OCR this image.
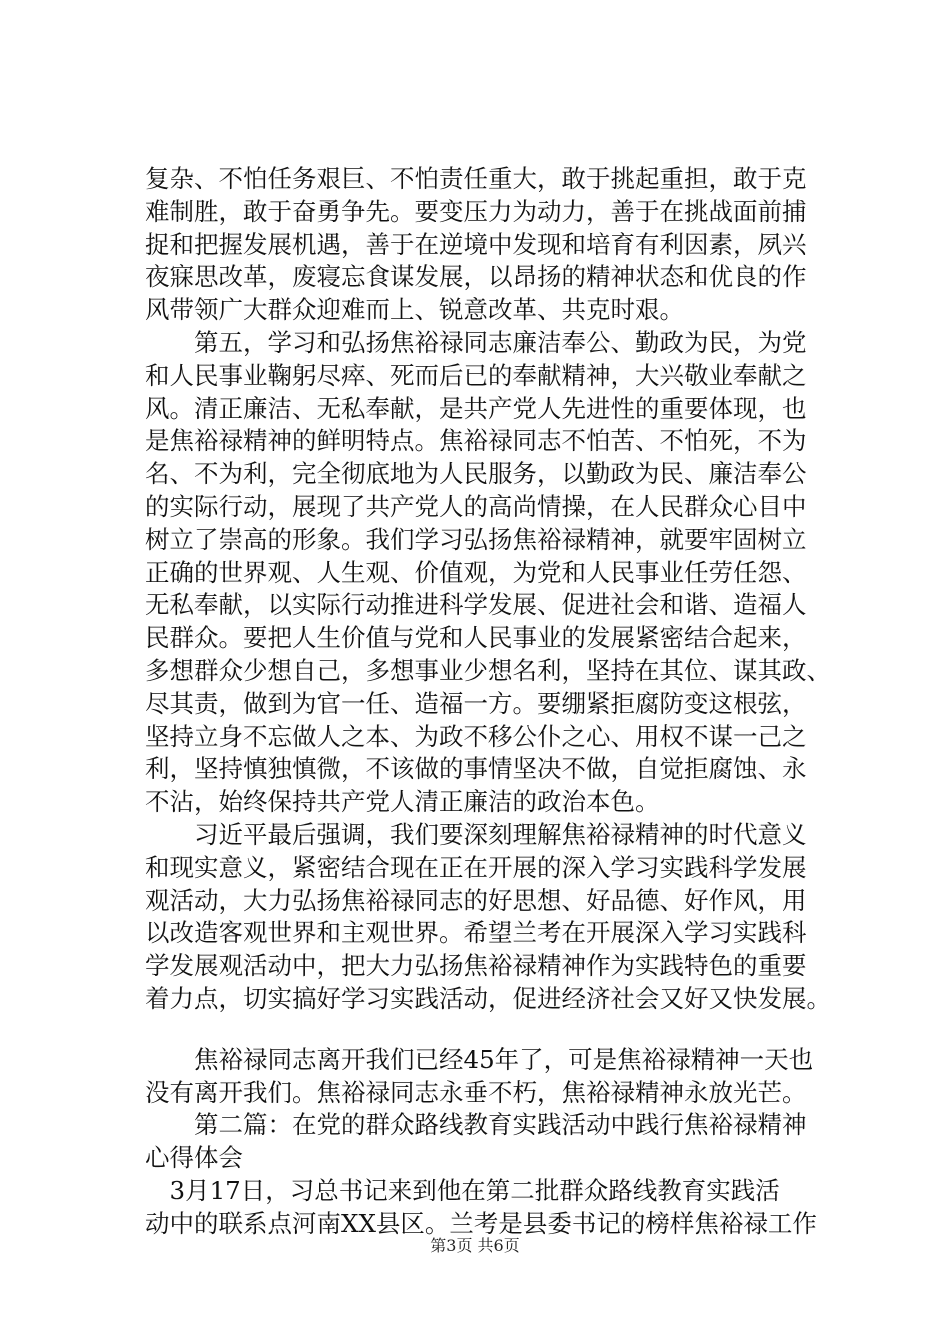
复杂、不怕任务艰巨、不怕责任重大，敢于挑起重担，敢于克
难制胜，敢于奋勇争先。要变压力为动力，善于在挑战面前捕
捉和把握发展机遇，善于在逆境中发现和培育有利因素，夙兴
夜寐思改革，废寝忘食谋发展，以昂扬的精神状态和优良的作
风带领广大群众迎难而上、锐意改革、共克时艰。
　　第五，学习和弘扬焦裕禄同志廉洁奉公、勤政为民，为党
和人民事业鞠躬尽瘁、死而后已的奉献精神，大兴敬业奉献之
风。清正廉洁、无私奉献，是共产党人先进性的重要体现，也
是焦裕禄精神的鲜明特点。焦裕禄同志不怕苦、不怕死，不为
名、不为利，完全彻底地为人民服务，以勤政为民、廉洁奉公
的实际行动，展现了共产党人的高尚情操，在人民群众心目中
树立了崇高的形象。我们学习弘扬焦裕禄精神，就要牢固树立
正确的世界观、人生观、价值观，为党和人民事业任劳任怨、
无私奉献，以实际行动推进科学发展、促进社会和谐、造福人
民群众。要把人生价值与党和人民事业的发展紧密结合起来，
多想群众少想自己，多想事业少想名利，坚持在其位、谋其政、
尽其责，做到为官一任、造福一方。要绷紧拒腐防变这根弦，
坚持立身不忘做人之本、为政不移公仆之心、用权不谋一己之
利，坚持慎独慎微，不该做的事情坚决不做，自觉拒腐蚀、永
不沾，始终保持共产党人清正廉洁的政治本色。
　　习近平最后强调，我们要深刻理解焦裕禄精神的时代意义
和现实意义，紧密结合现在正在开展的深入学习实践科学发展
观活动，大力弘扬焦裕禄同志的好思想、好品德、好作风，用
以改造客观世界和主观世界。希望兰考在开展深入学习实践科
学发展观活动中，把大力弘扬焦裕禄精神作为实践特色的重要
着力点，切实搞好学习实践活动，促进经济社会又好又快发展。
　　焦裕禄同志离开我们已经45年了，可是焦裕禄精神一天也
没有离开我们。焦裕禄同志永垂不朽，焦裕禄精神永放光芒。
　　第二篇：在党的群众路线教育实践活动中践行焦裕禄精神
心得体会
　3月17日，习总书记来到他在第二批群众路线教育实践活
动中的联系点河南XX县区。兰考是县委书记的榜样焦裕禄工作
第3页 共6页
